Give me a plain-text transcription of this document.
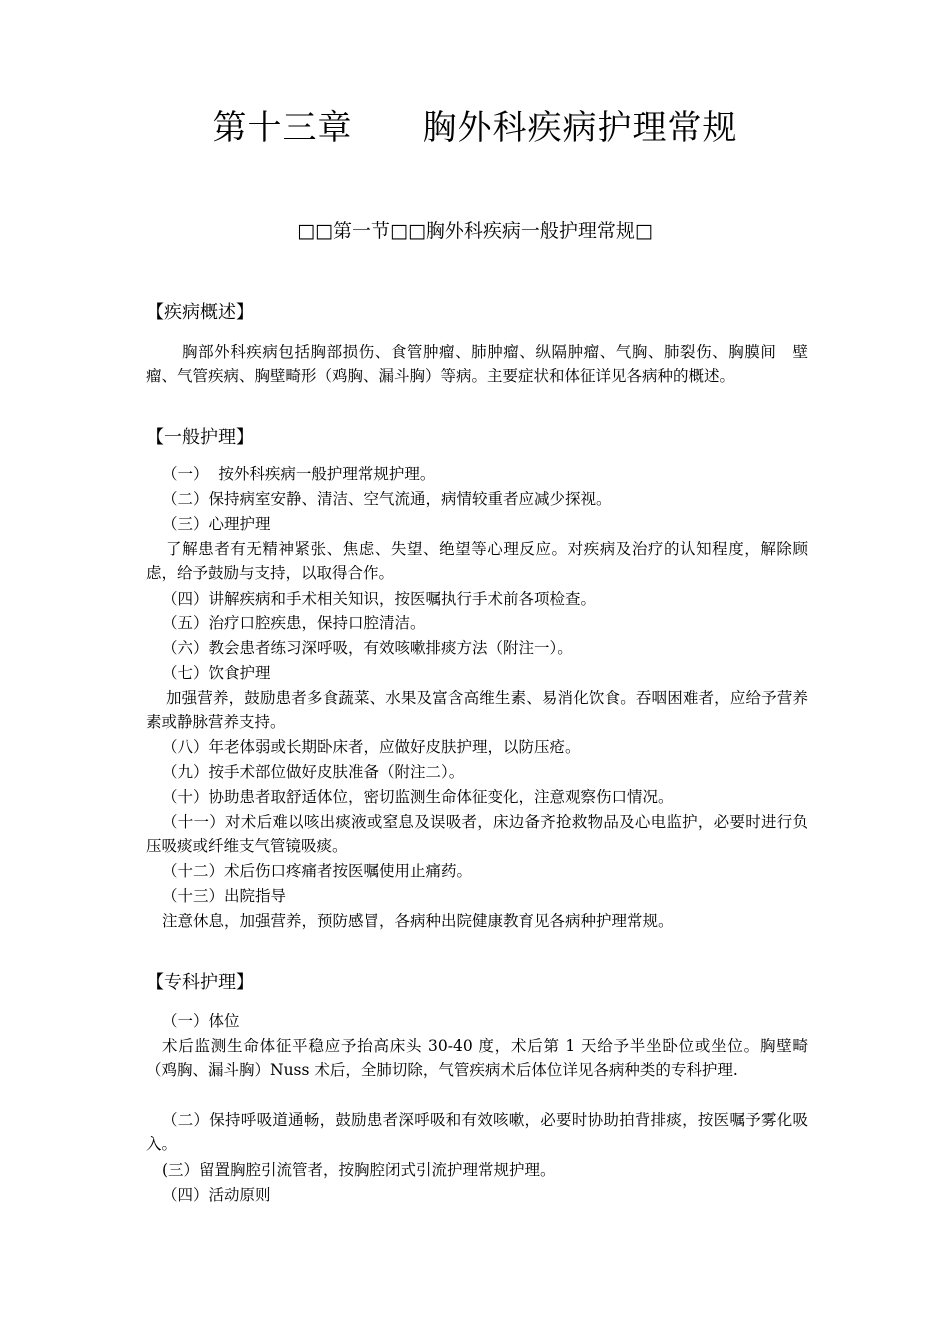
第十三章　　胸外科疾病护理常规
□□第一节□□胸外科疾病一般护理常规□
【疾病概述】
胸部外科疾病包括胸部损伤、食管肿瘤、肺肿瘤、纵隔肿瘤、气胸、肺裂伤、胸膜间　壁瘤、气管疾病、胸壁畸形（鸡胸、漏斗胸）等病。主要症状和体征详见各病种的概述。
【一般护理】
（一）  按外科疾病一般护理常规护理。
（二）保持病室安静、清洁、空气流通，病情较重者应减少探视。
（三）心理护理
了解患者有无精神紧张、焦虑、失望、绝望等心理反应。对疾病及治疗的认知程度，解除顾虑，给予鼓励与支持，以取得合作。
（四）讲解疾病和手术相关知识，按医嘱执行手术前各项检查。
（五）治疗口腔疾患，保持口腔清洁。
（六）教会患者练习深呼吸，有效咳嗽排痰方法（附注一）。
（七）饮食护理
加强营养，鼓励患者多食蔬菜、水果及富含高维生素、易消化饮食。吞咽困难者，应给予营养素或静脉营养支持。
（八）年老体弱或长期卧床者，应做好皮肤护理，以防压疮。
（九）按手术部位做好皮肤准备（附注二）。
（十）协助患者取舒适体位，密切监测生命体征变化，注意观察伤口情况。
（十一）对术后难以咳出痰液或窒息及误吸者，床边备齐抢救物品及心电监护，必要时进行负压吸痰或纤维支气管镜吸痰。
（十二）术后伤口疼痛者按医嘱使用止痛药。
（十三）出院指导
注意休息，加强营养，预防感冒，各病种出院健康教育见各病种护理常规。
【专科护理】
（一）体位
术后监测生命体征平稳应予抬高床头 30-40 度，术后第 1 天给予半坐卧位或坐位。胸壁畸（鸡胸、漏斗胸）Nuss 术后，全肺切除，气管疾病术后体位详见各病种类的专科护理.
（二）保持呼吸道通畅，鼓励患者深呼吸和有效咳嗽，必要时协助拍背排痰，按医嘱予雾化吸入。
(三）留置胸腔引流管者，按胸腔闭式引流护理常规护理。
（四）活动原则
